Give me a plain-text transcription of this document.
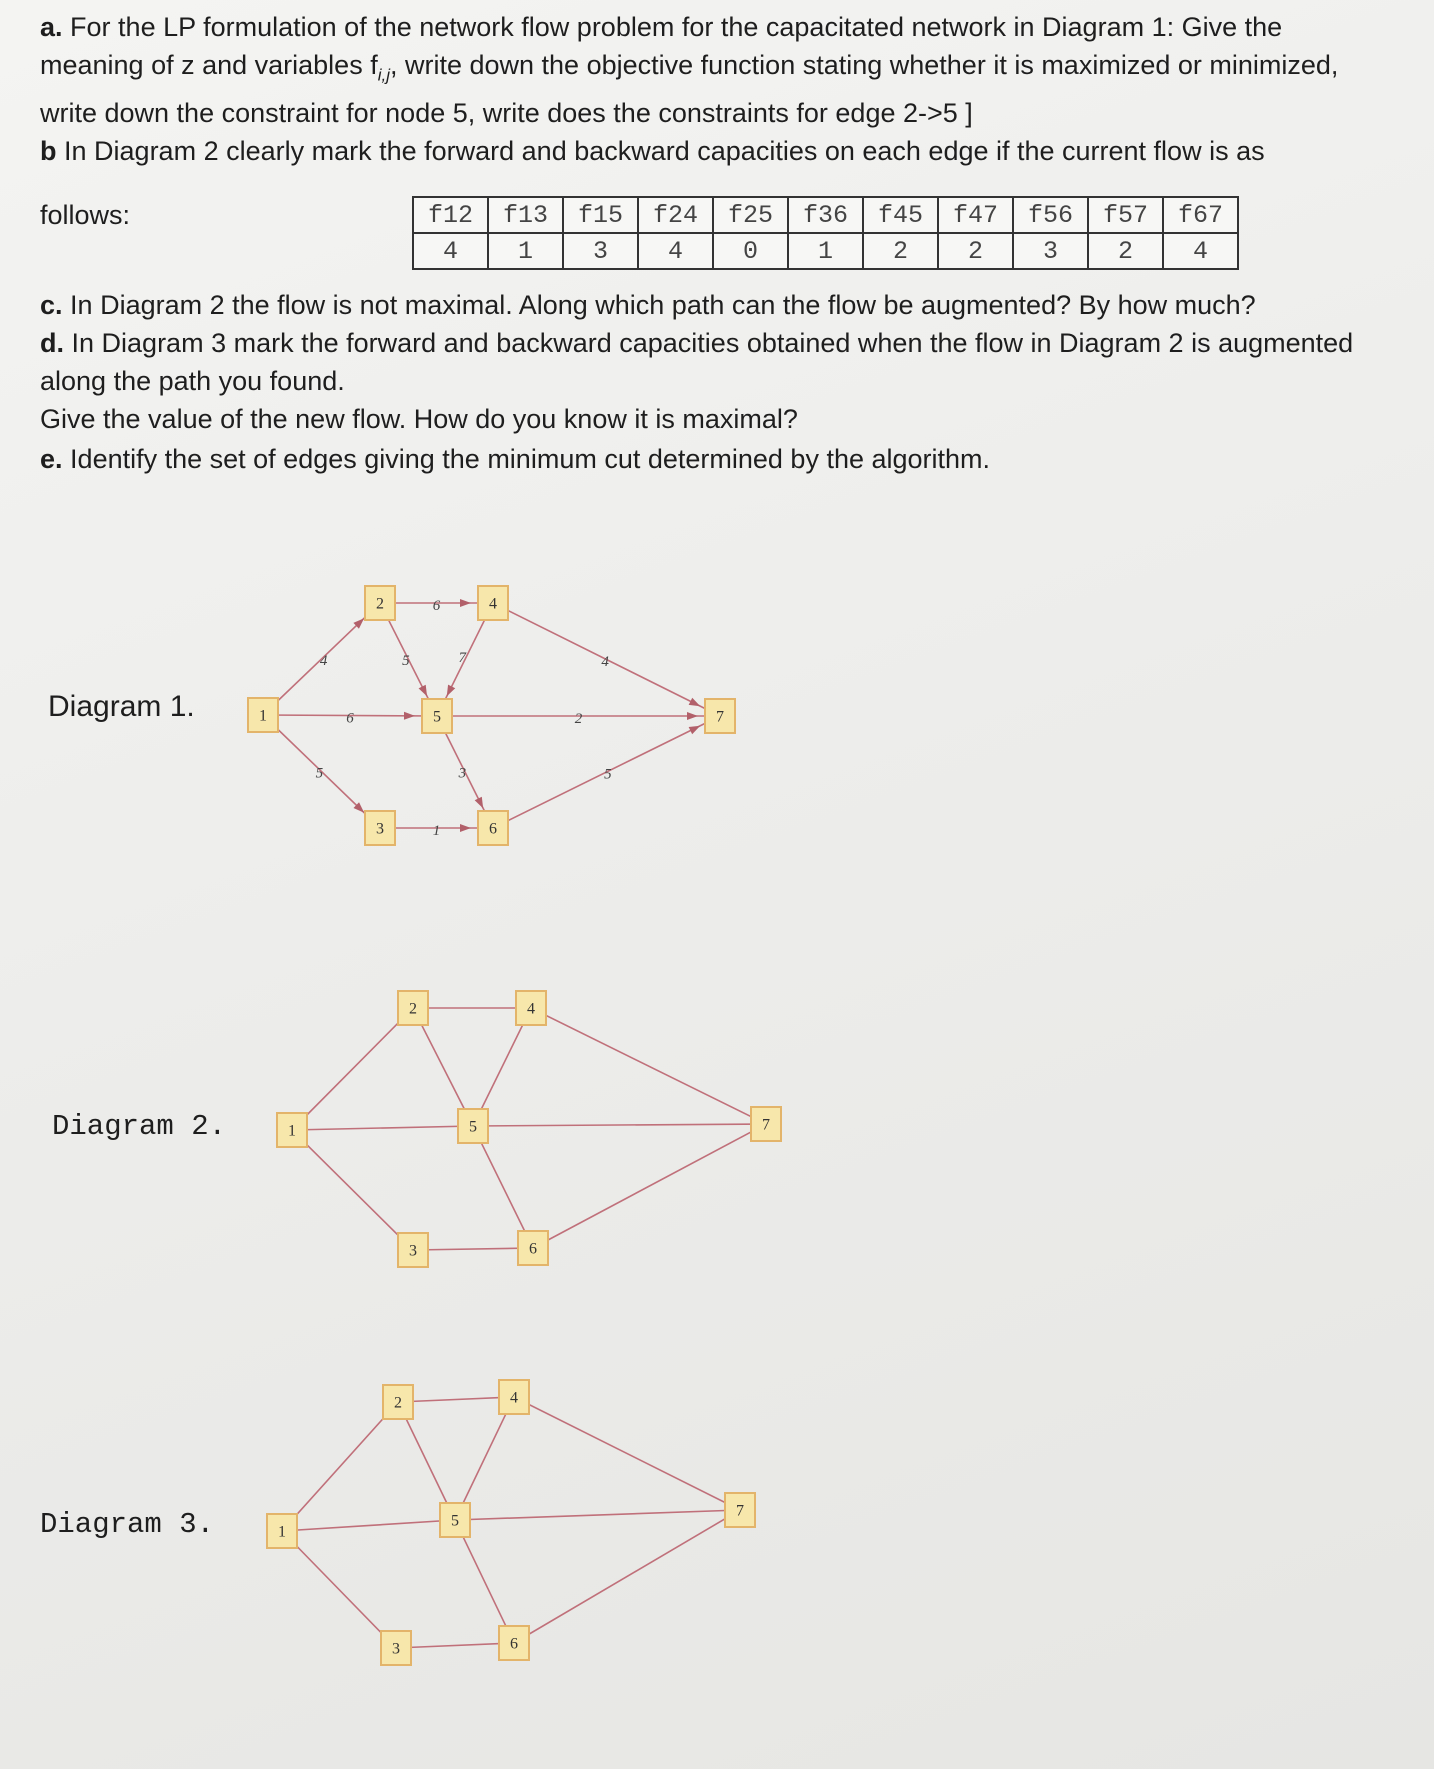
a. For the LP formulation of the network flow problem for the capacitated network in Diagram 1: Give the meaning of z and variables $f_{i,j}$, write down the objective function stating whether it is maximized or minimized, write down the constraint for node 5, write does the constraints for edge 2->5 ]

b In Diagram 2 clearly mark the forward and backward capacities on each edge if the current flow is as

follows:	f12	f13	f15	f24	f25	f36	f45	f47	f56	f57	f67
4	1	3	4	0	1	2	2	3	2	4

c. In Diagram 2 the flow is not maximal. Along which path can the flow be augmented? By how much?

d. In Diagram 3 mark the forward and backward capacities obtained when the flow in Diagram 2 is augmented along the path you found.

Give the value of the new flow. How do you know it is maximal?

e. Identify the set of edges giving the minimum cut determined by the algorithm.

Diagram 1.
Diagram 2.
Diagram 3.
4
5
6
6
5
1
7	4
3
2
5
1
2
3
4
5
6
7
1
2
3
4
5
6
7
1
2
3
4
5
6
7
